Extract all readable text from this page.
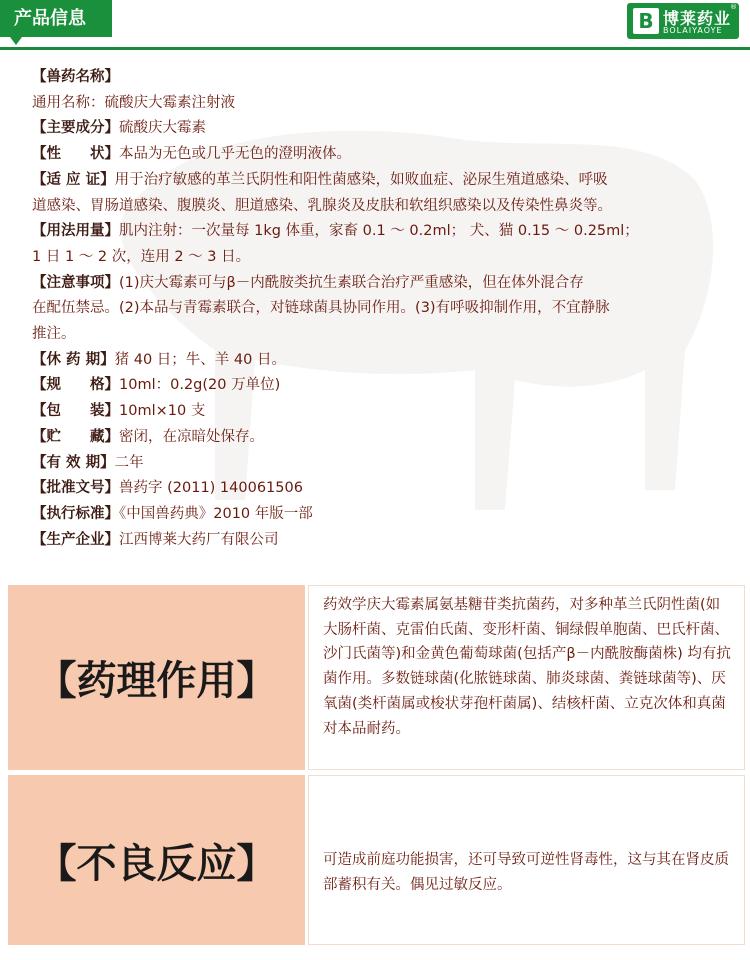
产品信息	B 博莱药业
BOLAIYAOYE
®
【兽药名称】
通用名称：硫酸庆大霉素注射液
【主要成分】硫酸庆大霉素
【性　　状】本品为无色或几乎无色的澄明液体。
【适 应 证】用于治疗敏感的革兰氏阴性和阳性菌感染，如败血症、泌尿生殖道感染、呼吸
道感染、胃肠道感染、腹膜炎、胆道感染、乳腺炎及皮肤和软组织感染以及传染性鼻炎等。
【用法用量】肌内注射：一次量每 1kg 体重，家畜 0.1 ～ 0.2ml； 犬、猫 0.15 ～ 0.25ml；
1 日 1 ～ 2 次，连用 2 ～ 3 日。
【注意事项】(1)庆大霉素可与β－内酰胺类抗生素联合治疗严重感染，但在体外混合存
在配伍禁忌。(2)本品与青霉素联合，对链球菌具协同作用。(3)有呼吸抑制作用，不宜静脉
推注。
【休 药 期】猪 40 日；牛、羊 40 日。
【规　　格】10ml：0.2g(20 万单位)
【包　　装】10ml×10 支
【贮　　藏】密闭，在凉暗处保存。
【有 效 期】二年
【批准文号】兽药字 (2011) 140061506
【执行标准】《中国兽药典》2010 年版一部
【生产企业】江西博莱大药厂有限公司
【药理作用】
药效学庆大霉素属氨基糖苷类抗菌药，对多种革兰氏阴性菌(如大肠杆菌、克雷伯氏菌、变形杆菌、铜绿假单胞菌、巴氏杆菌、沙门氏菌等)和金黄色葡萄球菌(包括产β－内酰胺酶菌株) 均有抗菌作用。多数链球菌(化脓链球菌、肺炎球菌、粪链球菌等)、厌氧菌(类杆菌属或梭状芽孢杆菌属)、结核杆菌、立克次体和真菌对本品耐药。
【不良反应】	可造成前庭功能损害，还可导致可逆性肾毒性，这与其在肾皮质部蓄积有关。偶见过敏反应。
